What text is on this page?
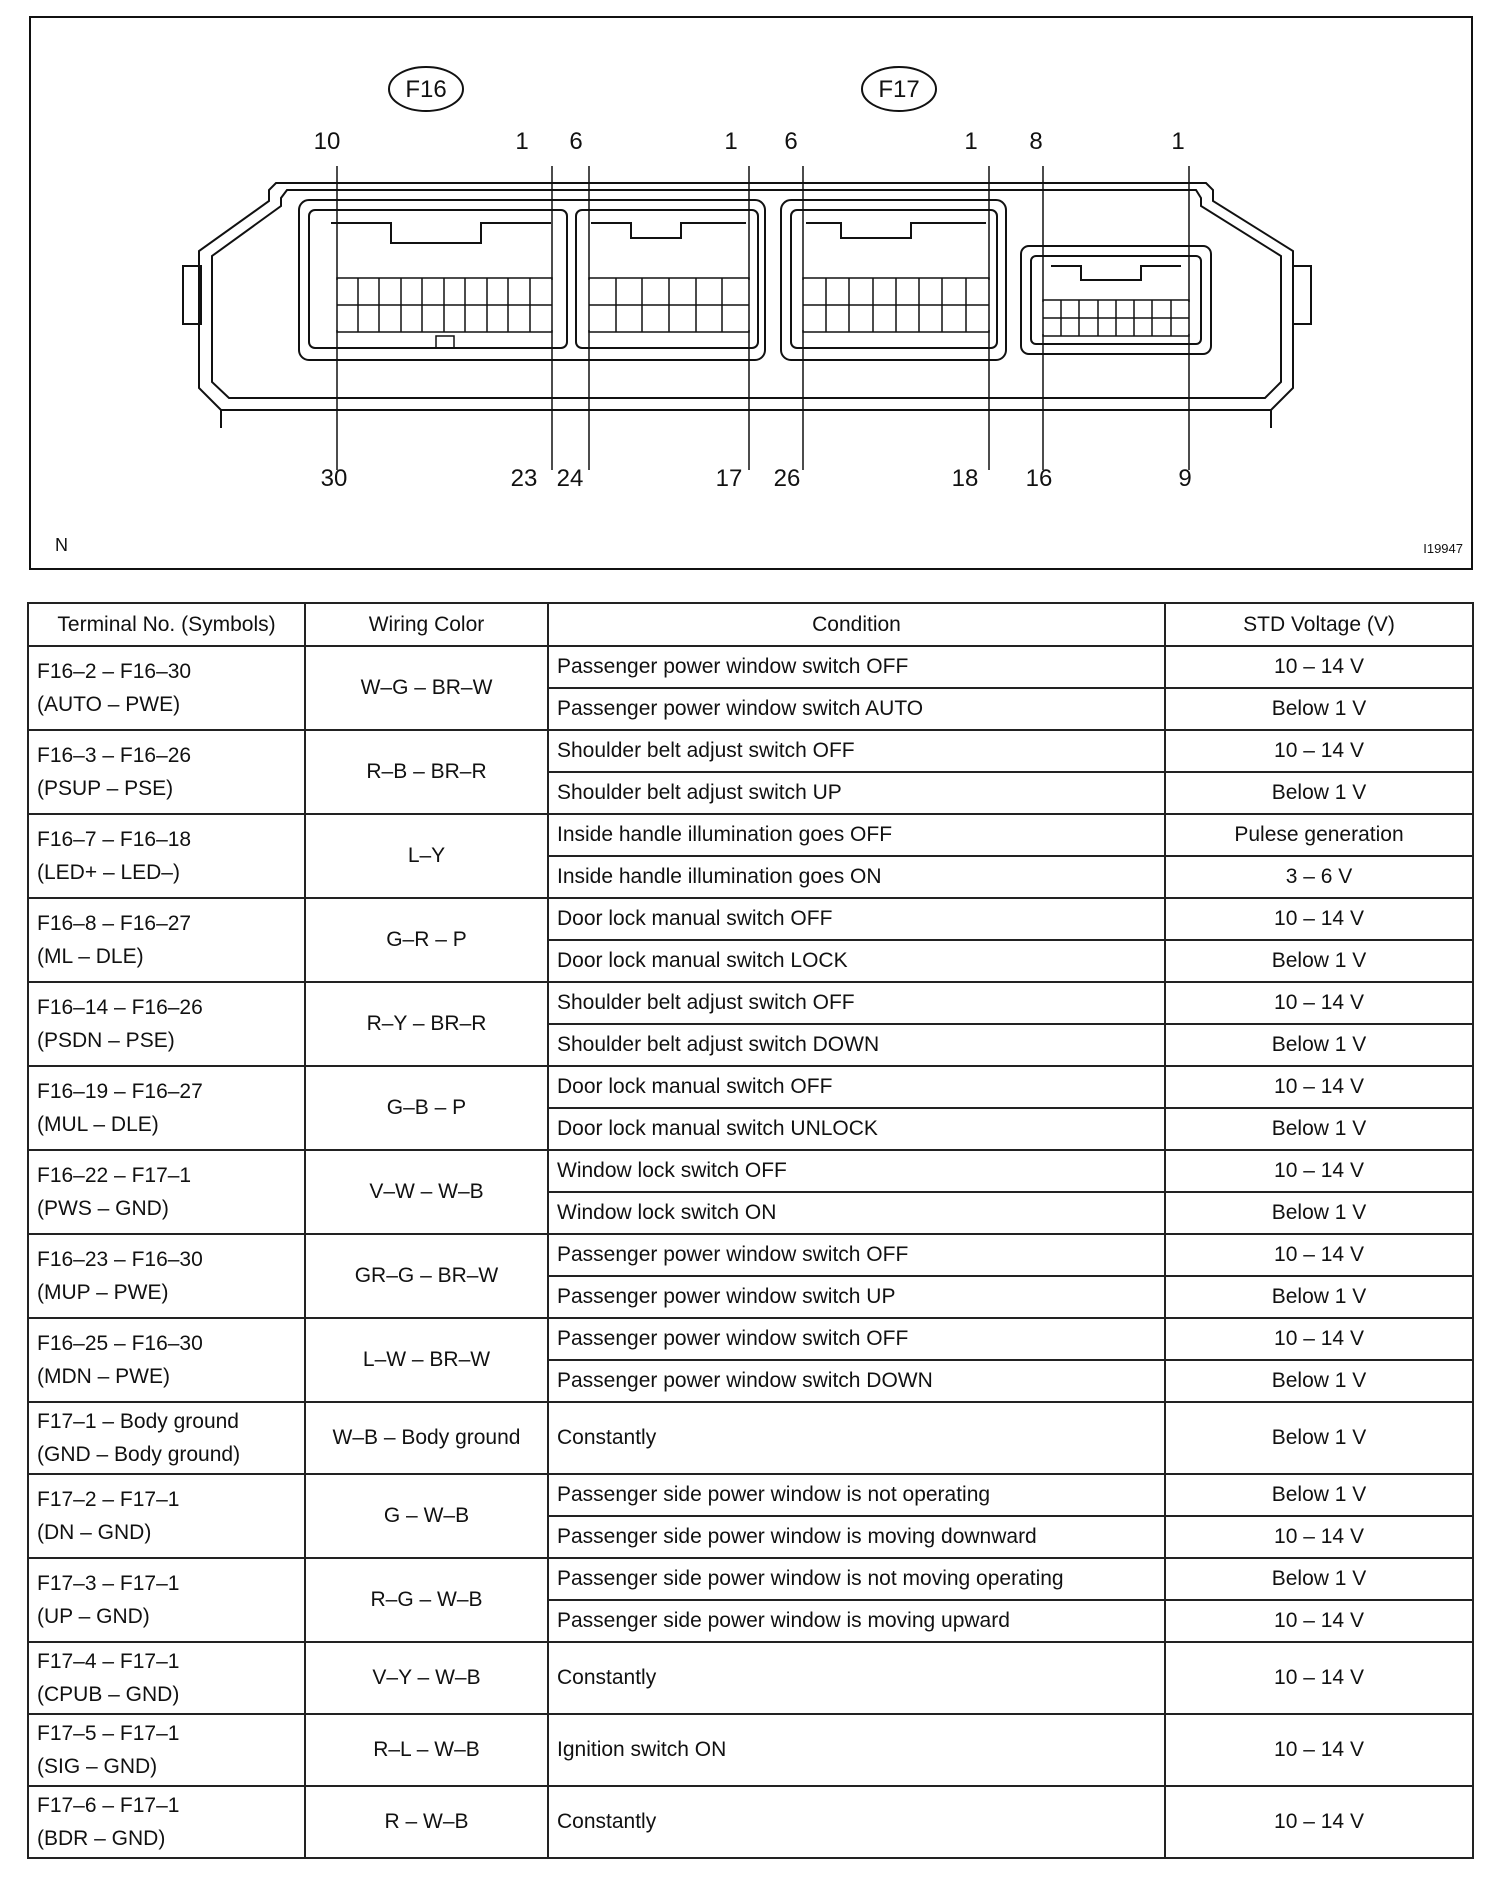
F16	F17
10	1 6	1 6	1 8	1
30	23 24	17 26	18 16	9
N	I19947
Terminal No. (Symbols)	Wiring Color	Condition	STD Voltage (V)

F16–2 – F16–30
(AUTO – PWE)	W–G – BR–W	Passenger power window switch OFF	10 – 14 V
		Passenger power window switch AUTO	Below 1 V

F16–3 – F16–26
(PSUP – PSE)	R–B – BR–R	Shoulder belt adjust switch OFF	10 – 14 V
		Shoulder belt adjust switch UP	Below 1 V

F16–7 – F16–18
(LED+ – LED–)	L–Y	Inside handle illumination goes OFF	Pulese generation
		Inside handle illumination goes ON	3 – 6 V

F16–8 – F16–27
(ML – DLE)	G–R – P	Door lock manual switch OFF	10 – 14 V
		Door lock manual switch LOCK	Below 1 V

F16–14 – F16–26
(PSDN – PSE)	R–Y – BR–R	Shoulder belt adjust switch OFF	10 – 14 V
		Shoulder belt adjust switch DOWN	Below 1 V

F16–19 – F16–27
(MUL – DLE)	G–B – P	Door lock manual switch OFF	10 – 14 V
		Door lock manual switch UNLOCK	Below 1 V

F16–22 – F17–1
(PWS – GND)	V–W – W–B	Window lock switch OFF	10 – 14 V
		Window lock switch ON	Below 1 V

F16–23 – F16–30
(MUP – PWE)	GR–G – BR–W	Passenger power window switch OFF	10 – 14 V
		Passenger power window switch UP	Below 1 V

F16–25 – F16–30
(MDN – PWE)	L–W – BR–W	Passenger power window switch OFF	10 – 14 V
		Passenger power window switch DOWN	Below 1 V

F17–1 – Body ground
(GND – Body ground)	W–B – Body ground	Constantly	Below 1 V

F17–2 – F17–1
(DN – GND)	G – W–B	Passenger side power window is not operating	Below 1 V
		Passenger side power window is moving downward	10 – 14 V

F17–3 – F17–1
(UP – GND)	R–G – W–B	Passenger side power window is not moving operating	Below 1 V
		Passenger side power window is moving upward	10 – 14 V

F17–4 – F17–1
(CPUB – GND)	V–Y – W–B	Constantly	10 – 14 V

F17–5 – F17–1
(SIG – GND)	R–L – W–B	Ignition switch ON	10 – 14 V

F17–6 – F17–1
(BDR – GND)	R – W–B	Constantly	10 – 14 V
